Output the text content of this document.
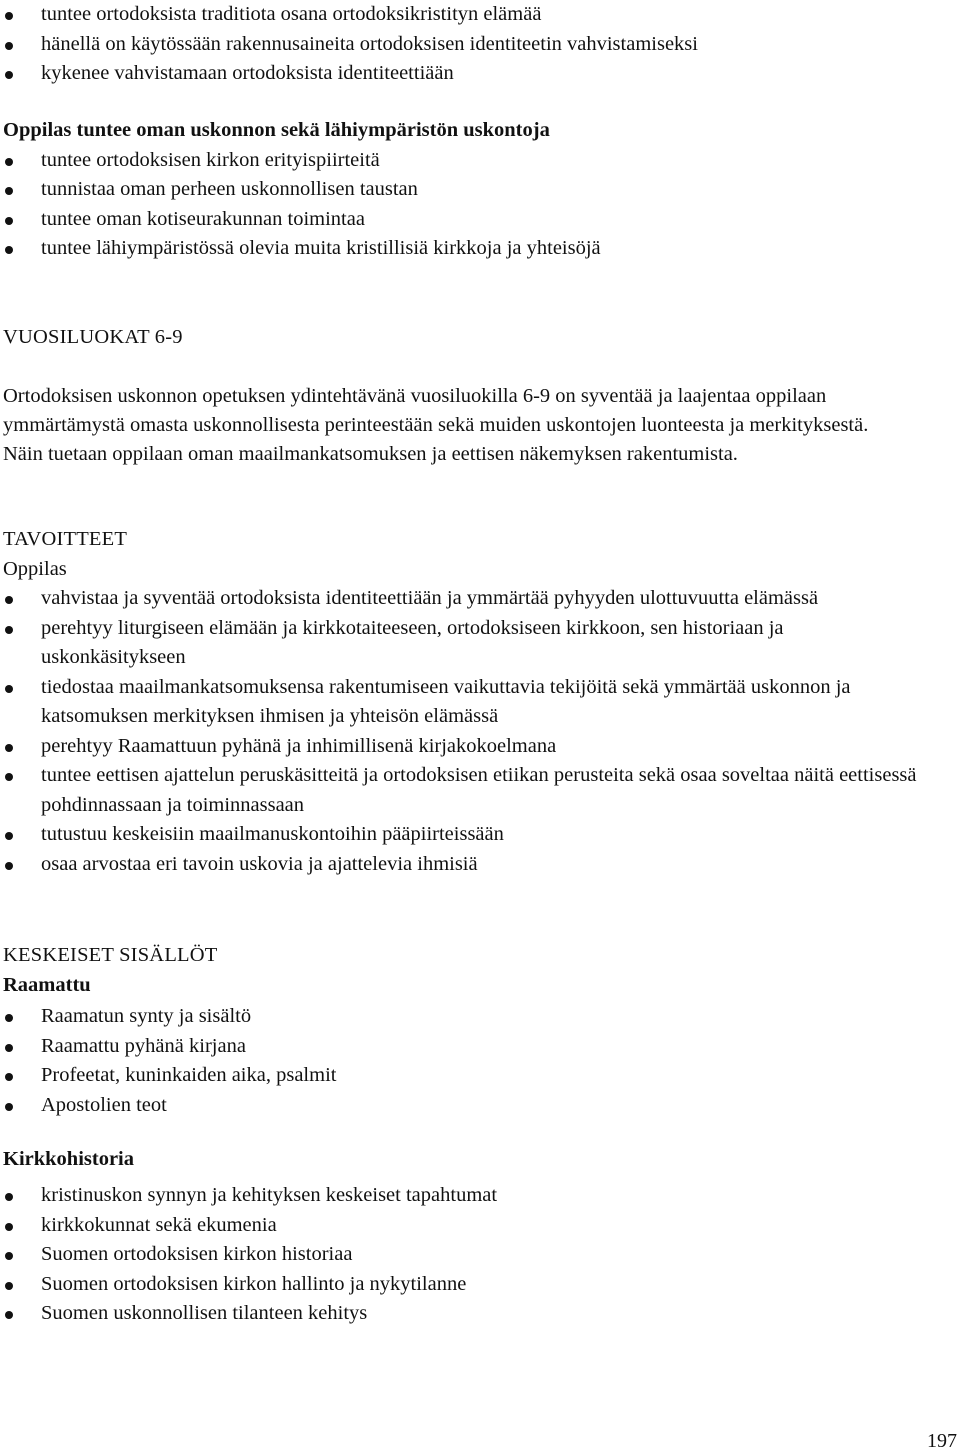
tuntee ortodoksista traditiota osana ortodoksikristityn elämää
hänellä on käytössään rakennusaineita ortodoksisen identiteetin vahvistamiseksi
kykenee vahvistamaan ortodoksista identiteettiään

Oppilas tuntee oman uskonnon sekä lähiympäristön uskontoja

tuntee ortodoksisen kirkon erityispiirteitä
tunnistaa oman perheen uskonnollisen taustan
tuntee oman kotiseurakunnan toimintaa
tuntee lähiympäristössä olevia muita kristillisiä kirkkoja ja yhteisöjä

VUOSILUOKAT 6-9

Ortodoksisen uskonnon opetuksen ydintehtävänä vuosiluokilla 6-9 on syventää ja laajentaa oppilaan ymmärtämystä omasta uskonnollisesta perinteestään sekä muiden uskontojen luonteesta ja merkityksestä. Näin tuetaan oppilaan oman maailmankatsomuksen ja eettisen näkemyksen rakentumista.

TAVOITTEET

Oppilas

vahvistaa ja syventää ortodoksista identiteettiään ja ymmärtää pyhyyden ulottuvuutta elämässä
perehtyy liturgiseen elämään ja kirkkotaiteeseen, ortodoksiseen kirkkoon, sen historiaan ja uskonkäsitykseen
tiedostaa maailmankatsomuksensa rakentumiseen vaikuttavia tekijöitä sekä ymmärtää uskonnon ja katsomuksen merkityksen ihmisen ja yhteisön elämässä
perehtyy Raamattuun pyhänä ja inhimillisenä kirjakokoelmana
tuntee eettisen ajattelun peruskäsitteitä ja ortodoksisen etiikan perusteita sekä osaa soveltaa näitä eettisessä pohdinnassaan ja toiminnassaan
tutustuu keskeisiin maailmanuskontoihin pääpiirteissään
osaa arvostaa eri tavoin uskovia ja ajattelevia ihmisiä

KESKEISET SISÄLLÖT

Raamattu

Raamatun synty ja sisältö
Raamattu pyhänä kirjana
Profeetat, kuninkaiden aika, psalmit
Apostolien teot

Kirkkohistoria

kristinuskon synnyn ja kehityksen keskeiset tapahtumat
kirkkokunnat sekä ekumenia
Suomen ortodoksisen kirkon historiaa
Suomen ortodoksisen kirkon hallinto ja nykytilanne
Suomen uskonnollisen tilanteen kehitys
197
